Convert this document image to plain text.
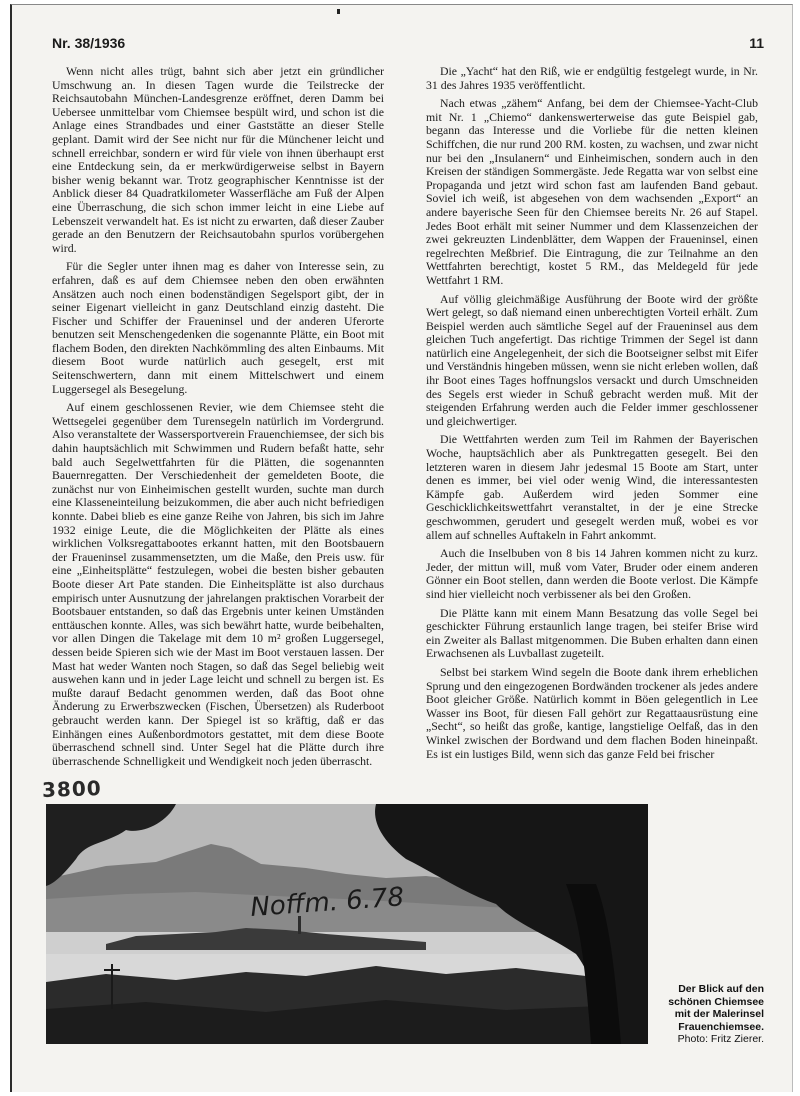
Nr. 38/1936	11

Wenn nicht alles trügt, bahnt sich aber jetzt ein gründlicher Umschwung an. In diesen Tagen wurde die Teilstrecke der Reichsautobahn München-Landesgrenze eröffnet, deren Damm bei Uebersee unmittelbar vom Chiemsee bespült wird, und schon ist die Anlage eines Strandbades und einer Gaststätte an dieser Stelle geplant. Damit wird der See nicht nur für die Münchener leicht und schnell erreichbar, sondern er wird für viele von ihnen überhaupt erst eine Entdeckung sein, da er merkwürdigerweise selbst in Bayern bisher wenig bekannt war. Trotz geographischer Kenntnisse ist der Anblick dieser 84 Quadratkilometer Wasserfläche am Fuß der Alpen eine Überraschung, die sich schon immer leicht in eine Liebe auf Lebenszeit verwandelt hat. Es ist nicht zu erwarten, daß dieser Zauber gerade an den Benutzern der Reichsautobahn spurlos vorübergehen wird.

Für die Segler unter ihnen mag es daher von Interesse sein, zu erfahren, daß es auf dem Chiemsee neben den oben erwähnten Ansätzen auch noch einen bodenständigen Segelsport gibt, der in seiner Eigenart vielleicht in ganz Deutschland einzig dasteht. Die Fischer und Schiffer der Fraueninsel und der anderen Uferorte benutzen seit Menschengedenken die sogenannte Plätte, ein Boot mit flachem Boden, den direkten Nachkömmling des alten Einbaums. Mit diesem Boot wurde natürlich auch gesegelt, erst mit Seitenschwertern, dann mit einem Mittelschwert und einem Luggersegel als Besegelung.

Auf einem geschlossenen Revier, wie dem Chiemsee steht die Wettsegelei gegenüber dem Turensegeln natürlich im Vordergrund. Also veranstaltete der Wassersportverein Frauenchiemsee, der sich bis dahin hauptsächlich mit Schwimmen und Rudern befaßt hatte, sehr bald auch Segelwettfahrten für die Plätten, die sogenannten Bauernregatten. Der Verschiedenheit der gemeldeten Boote, die zunächst nur von Einheimischen gestellt wurden, suchte man durch eine Klasseneinteilung beizukommen, die aber auch nicht befriedigen konnte. Dabei blieb es eine ganze Reihe von Jahren, bis sich im Jahre 1932 einige Leute, die die Möglichkeiten der Plätte als eines wirklichen Volksregattabootes erkannt hatten, mit den Bootsbauern der Fraueninsel zusammensetzten, um die Maße, den Preis usw. für eine „Einheitsplätte“ festzulegen, wobei die besten bisher gebauten Boote dieser Art Pate standen. Die Einheitsplätte ist also durchaus empirisch unter Ausnutzung der jahrelangen praktischen Vorarbeit der Bootsbauer entstanden, so daß das Ergebnis unter keinen Umständen enttäuschen konnte. Alles, was sich bewährt hatte, wurde beibehalten, vor allen Dingen die Takelage mit dem 10 m² großen Luggersegel, dessen beide Spieren sich wie der Mast im Boot verstauen lassen. Der Mast hat weder Wanten noch Stagen, so daß das Segel beliebig weit auswehen kann und in jeder Lage leicht und schnell zu bergen ist. Es mußte darauf Bedacht genommen werden, daß das Boot ohne Änderung zu Erwerbszwecken (Fischen, Übersetzen) als Ruderboot gebraucht werden kann. Der Spiegel ist so kräftig, daß er das Einhängen eines Außenbordmotors gestattet, mit dem diese Boote überraschend schnell sind. Unter Segel hat die Plätte durch ihre überraschende Schnelligkeit und Wendigkeit noch jeden überrascht.

Die „Yacht“ hat den Riß, wie er endgültig festgelegt wurde, in Nr. 31 des Jahres 1935 veröffentlicht.

Nach etwas „zähem“ Anfang, bei dem der Chiemsee-Yacht-Club mit Nr. 1 „Chiemo“ dankenswerterweise das gute Beispiel gab, begann das Interesse und die Vorliebe für die netten kleinen Schiffchen, die nur rund 200 RM. kosten, zu wachsen, und zwar nicht nur bei den „Insulanern“ und Einheimischen, sondern auch in den Kreisen der ständigen Sommergäste. Jede Regatta war von selbst eine Propaganda und jetzt wird schon fast am laufenden Band gebaut. Soviel ich weiß, ist abgesehen von dem wachsenden „Export“ an andere bayerische Seen für den Chiemsee bereits Nr. 26 auf Stapel. Jedes Boot erhält mit seiner Nummer und dem Klassenzeichen der zwei gekreuzten Lindenblätter, dem Wappen der Fraueninsel, einen regelrechten Meßbrief. Die Eintragung, die zur Teilnahme an den Wettfahrten berechtigt, kostet 5 RM., das Meldegeld für jede Wettfahrt 1 RM.

Auf völlig gleichmäßige Ausführung der Boote wird der größte Wert gelegt, so daß niemand einen unberechtigten Vorteil erhält. Zum Beispiel werden auch sämtliche Segel auf der Fraueninsel aus dem gleichen Tuch angefertigt. Das richtige Trimmen der Segel ist dann natürlich eine Angelegenheit, der sich die Bootseigner selbst mit Eifer und Verständnis hingeben müssen, wenn sie nicht erleben wollen, daß ihr Boot eines Tages hoffnungslos versackt und durch Umschneiden des Segels erst wieder in Schuß gebracht werden muß. Mit der steigenden Erfahrung werden auch die Felder immer geschlossener und gleichwertiger.

Die Wettfahrten werden zum Teil im Rahmen der Bayerischen Woche, hauptsächlich aber als Punktregatten gesegelt. Bei den letzteren waren in diesem Jahr jedesmal 15 Boote am Start, unter denen es immer, bei viel oder wenig Wind, die interessantesten Kämpfe gab. Außerdem wird jeden Sommer eine Geschicklichkeitswettfahrt veranstaltet, in der je eine Strecke geschwommen, gerudert und gesegelt werden muß, wobei es vor allem auf schnelles Auftakeln in Fahrt ankommt.

Auch die Inselbuben von 8 bis 14 Jahren kommen nicht zu kurz. Jeder, der mittun will, muß vom Vater, Bruder oder einem anderen Gönner ein Boot stellen, dann werden die Boote verlost. Die Kämpfe sind hier vielleicht noch verbissener als bei den Großen.

Die Plätte kann mit einem Mann Besatzung das volle Segel bei geschickter Führung erstaunlich lange tragen, bei steifer Brise wird ein Zweiter als Ballast mitgenommen. Die Buben erhalten dann einen Erwachsenen als Luvballast zugeteilt.

Selbst bei starkem Wind segeln die Boote dank ihrem erheblichen Sprung und den eingezogenen Bordwänden trockener als jedes andere Boot gleicher Größe. Natürlich kommt in Böen gelegentlich in Lee Wasser ins Boot, für diesen Fall gehört zur Regattaausrüstung eine „Secht“, so heißt das große, kantige, langstielige Oelfaß, das in den Winkel zwischen der Bordwand und dem flachen Boden hineinpaßt. Es ist ein lustiges Bild, wenn sich das ganze Feld bei frischer

3800
Noffm. 6.78
Der Blick auf den schönen Chiemsee mit der Malerinsel Frauenchiemsee.
Photo: Fritz Zierer.
